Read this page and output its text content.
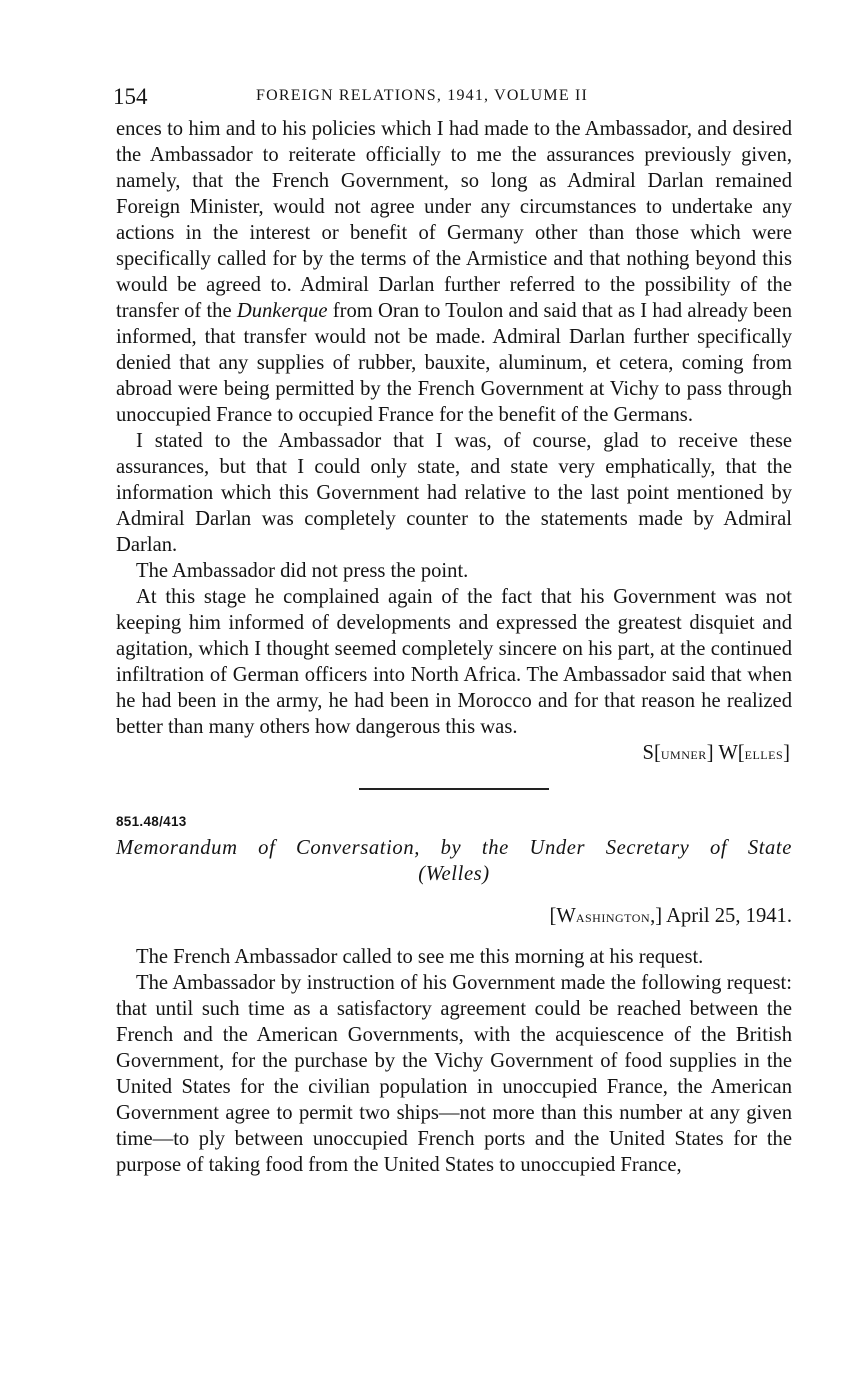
154	FOREIGN RELATIONS, 1941, VOLUME II

ences to him and to his policies which I had made to the Ambassador, and desired the Ambassador to reiterate officially to me the assurances previously given, namely, that the French Government, so long as Admiral Darlan remained Foreign Minister, would not agree under any circumstances to undertake any actions in the interest or benefit of Germany other than those which were specifically called for by the terms of the Armistice and that nothing beyond this would be agreed to. Admiral Darlan further referred to the possibility of the transfer of the Dunkerque from Oran to Toulon and said that as I had already been informed, that transfer would not be made. Admiral Darlan further specifically denied that any supplies of rubber, bauxite, aluminum, et cetera, coming from abroad were being permitted by the French Government at Vichy to pass through unoccupied France to occupied France for the benefit of the Germans.

I stated to the Ambassador that I was, of course, glad to receive these assurances, but that I could only state, and state very emphatically, that the information which this Government had relative to the last point mentioned by Admiral Darlan was completely counter to the statements made by Admiral Darlan.

The Ambassador did not press the point.

At this stage he complained again of the fact that his Government was not keeping him informed of developments and expressed the greatest disquiet and agitation, which I thought seemed completely sincere on his part, at the continued infiltration of German officers into North Africa. The Ambassador said that when he had been in the army, he had been in Morocco and for that reason he realized better than many others how dangerous this was.

S[umner] W[elles]
851.48/413
Memorandum of Conversation, by the Under Secretary of State
(Welles)
[Washington,] April 25, 1941.

The French Ambassador called to see me this morning at his request.

The Ambassador by instruction of his Government made the following request: that until such time as a satisfactory agreement could be reached between the French and the American Governments, with the acquiescence of the British Government, for the purchase by the Vichy Government of food supplies in the United States for the civilian population in unoccupied France, the American Government agree to permit two ships—not more than this number at any given time—to ply between unoccupied French ports and the United States for the purpose of taking food from the United States to unoccupied France,
